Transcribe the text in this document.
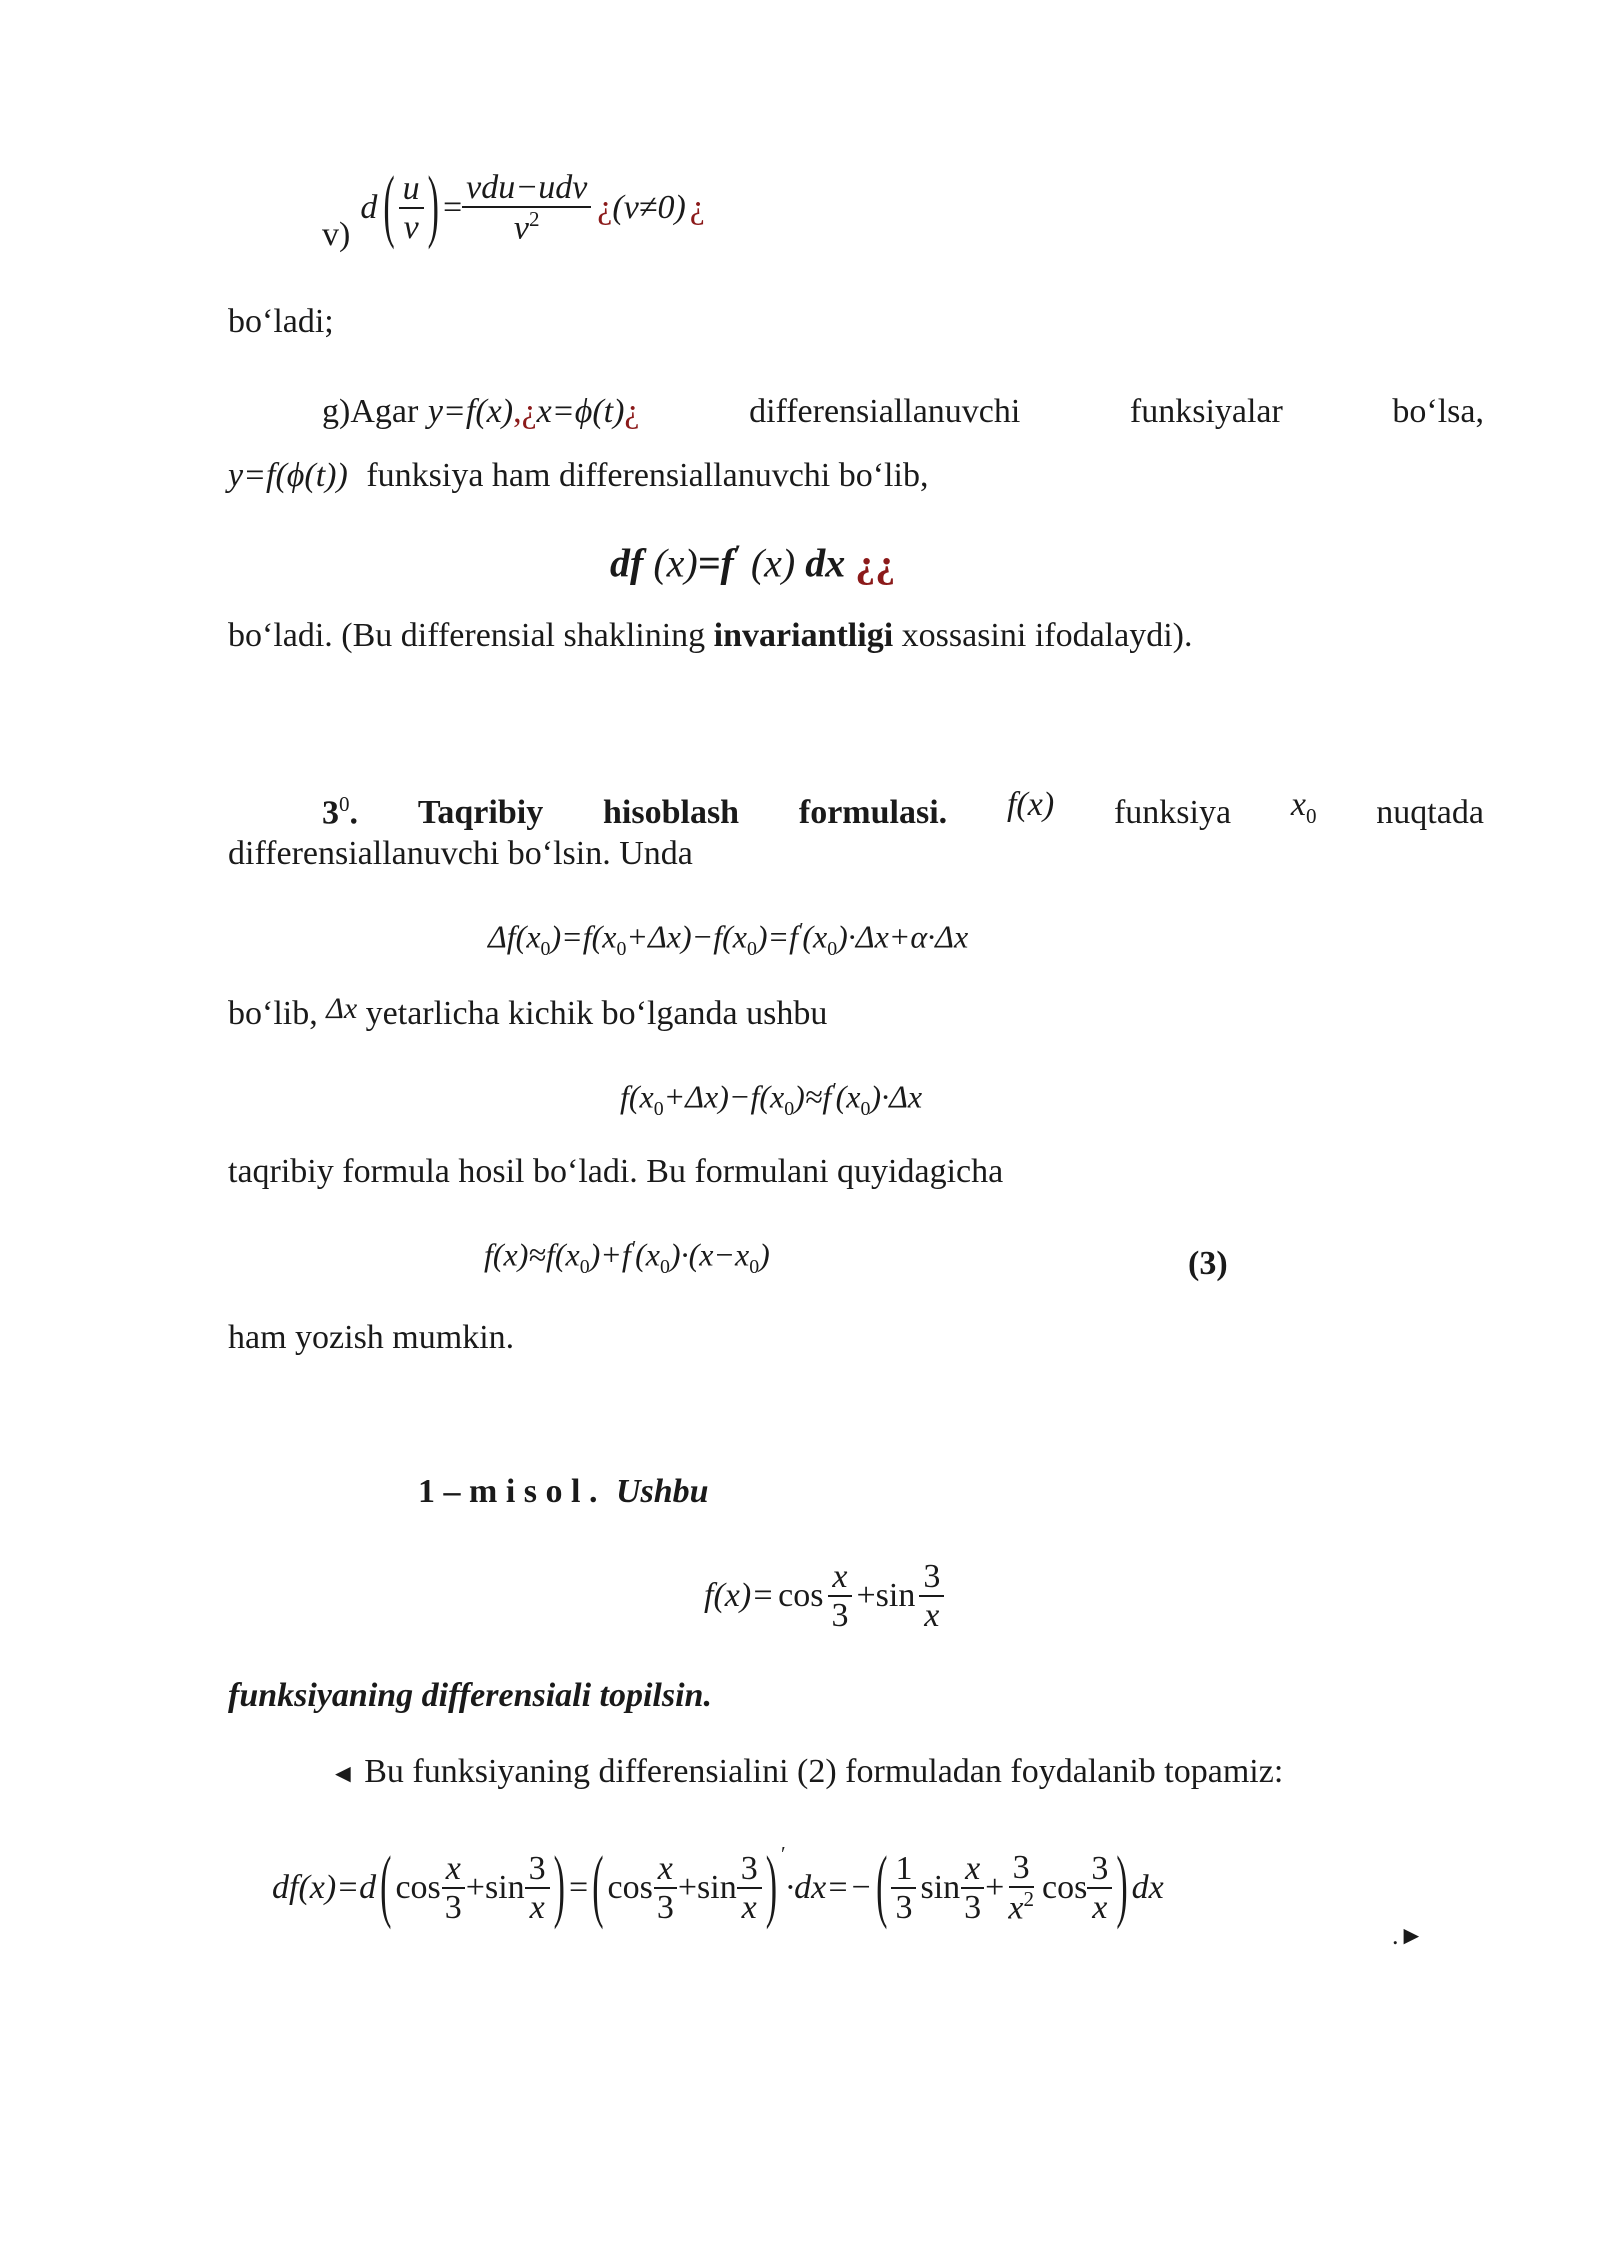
v)
d ( $\frac{u}{v}$ ) = $\frac{\text{vdu−udv}}{v^2}$ ¿ (v≠0) ¿
bo‘ladi;
g)Agar y=f(x),¿x=ϕ(t)¿	differensiallanuvchi	funksiyalar	bo‘lsa,
y=f(ϕ(t)) funksiya ham differensiallanuvchi bo‘lib,
df (x)=f′ (x) dx ¿¿
bo‘ladi. (Bu differensial shaklining invariantligi xossasini ifodalaydi).
$3^0$. Taqribiy hisoblash formulasi. f(x) funksiya $x_0$ nuqtada
differensiallanuvchi bo‘lsin. Unda
$\Delta f(x_0)=f(x_0+\Delta x)-f(x_0)=f'(x_0)\cdot\Delta x+\alpha\cdot\Delta x$
bo‘lib, Δx yetarlicha kichik bo‘lganda ushbu
$f(x_0+\Delta x)-f(x_0)\approx f'(x_0)\cdot\Delta x$
taqribiy formula hosil bo‘ladi. Bu formulani quyidagicha
$f(x)\approx f(x_0)+f'(x_0)\cdot(x-x_0)$	(3)
ham yozish mumkin.
1 – m i s o l . Ushbu
f $(x)= \cos \frac{x}{3} + \sin \frac{3}{x}$
funksiyaning differensiali topilsin.
◄ Bu funksiyaning differensialini (2) formuladan foydalanib topamiz:
df (x)=d ( $\cos \frac{x}{3} + \sin \frac{3}{x}$ ) = ( $\cos \frac{x}{3} + \sin \frac{3}{x} )'$
·dx=− ( $\frac{1}{3}$ $\sin \frac{x}{3} + \frac{3}{x^2}$ $\cos \frac{3}{x}$ ) dx
.►
